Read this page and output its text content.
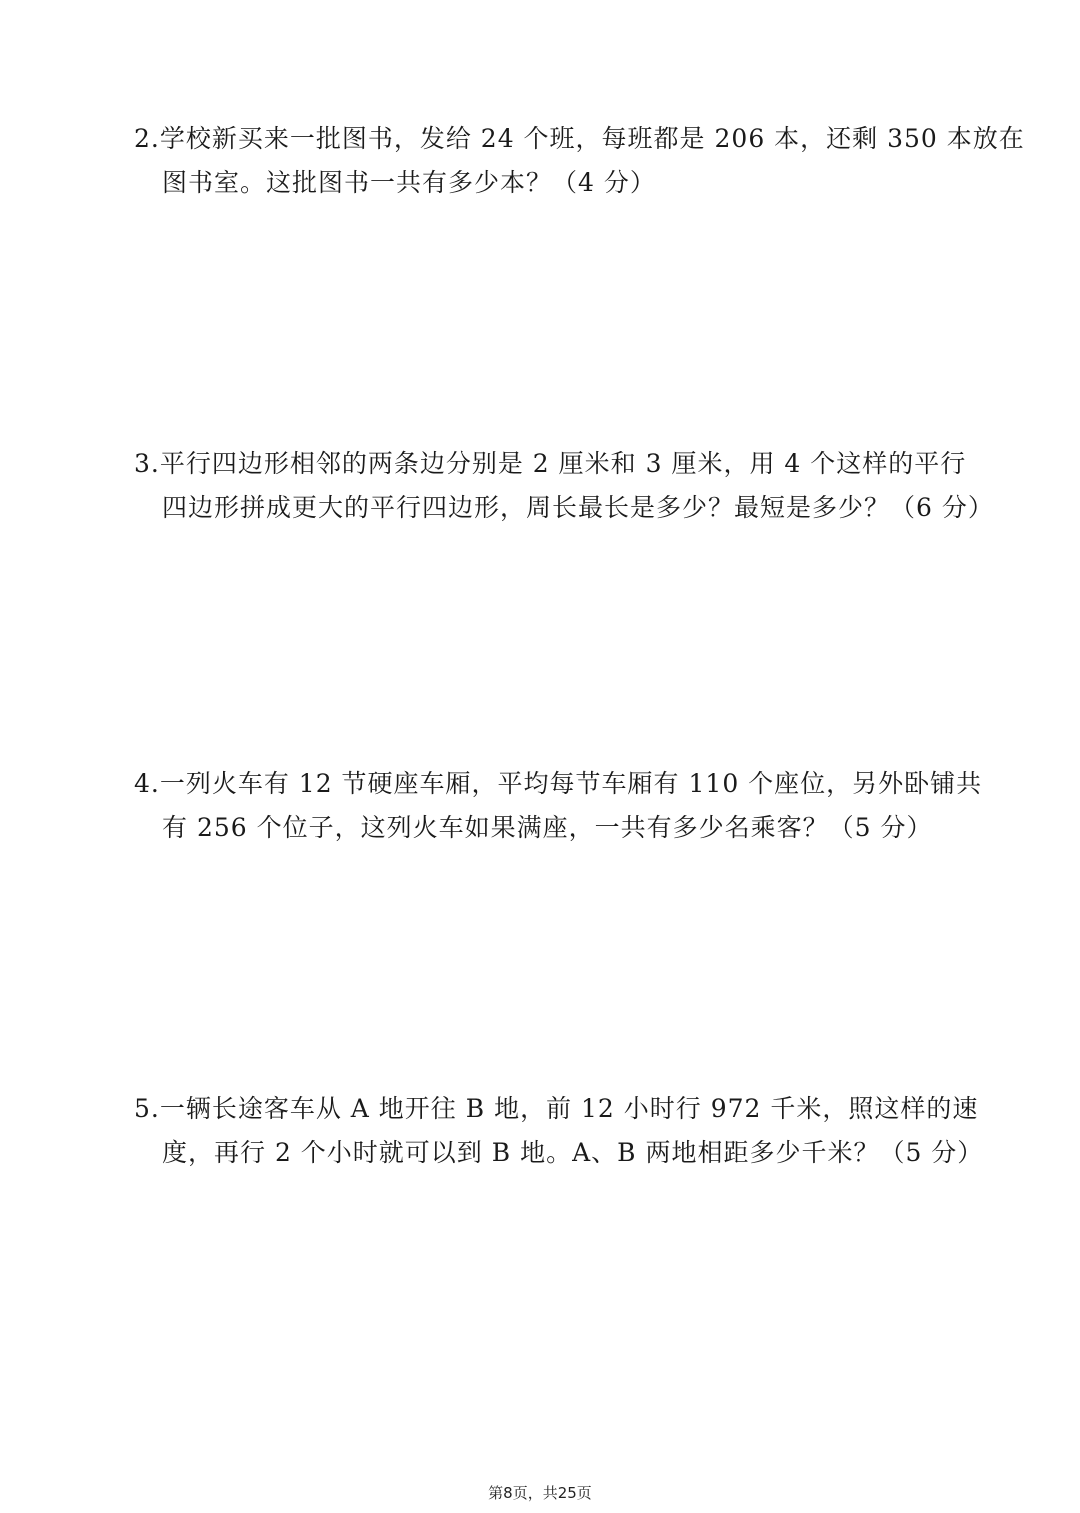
2.学校新买来一批图书，发给 24 个班，每班都是 206 本，还剩 350 本放在
图书室。这批图书一共有多少本？（4 分）
3.平行四边形相邻的两条边分别是 2 厘米和 3 厘米，用 4 个这样的平行
四边形拼成更大的平行四边形，周长最长是多少？最短是多少？（6 分）
4.一列火车有 12 节硬座车厢，平均每节车厢有 110 个座位，另外卧铺共
有 256 个位子，这列火车如果满座，一共有多少名乘客？（5 分）
5.一辆长途客车从 A 地开往 B 地，前 12 小时行 972 千米，照这样的速
度，再行 2 个小时就可以到 B 地。A、B 两地相距多少千米？（5 分）
第8页，共25页
